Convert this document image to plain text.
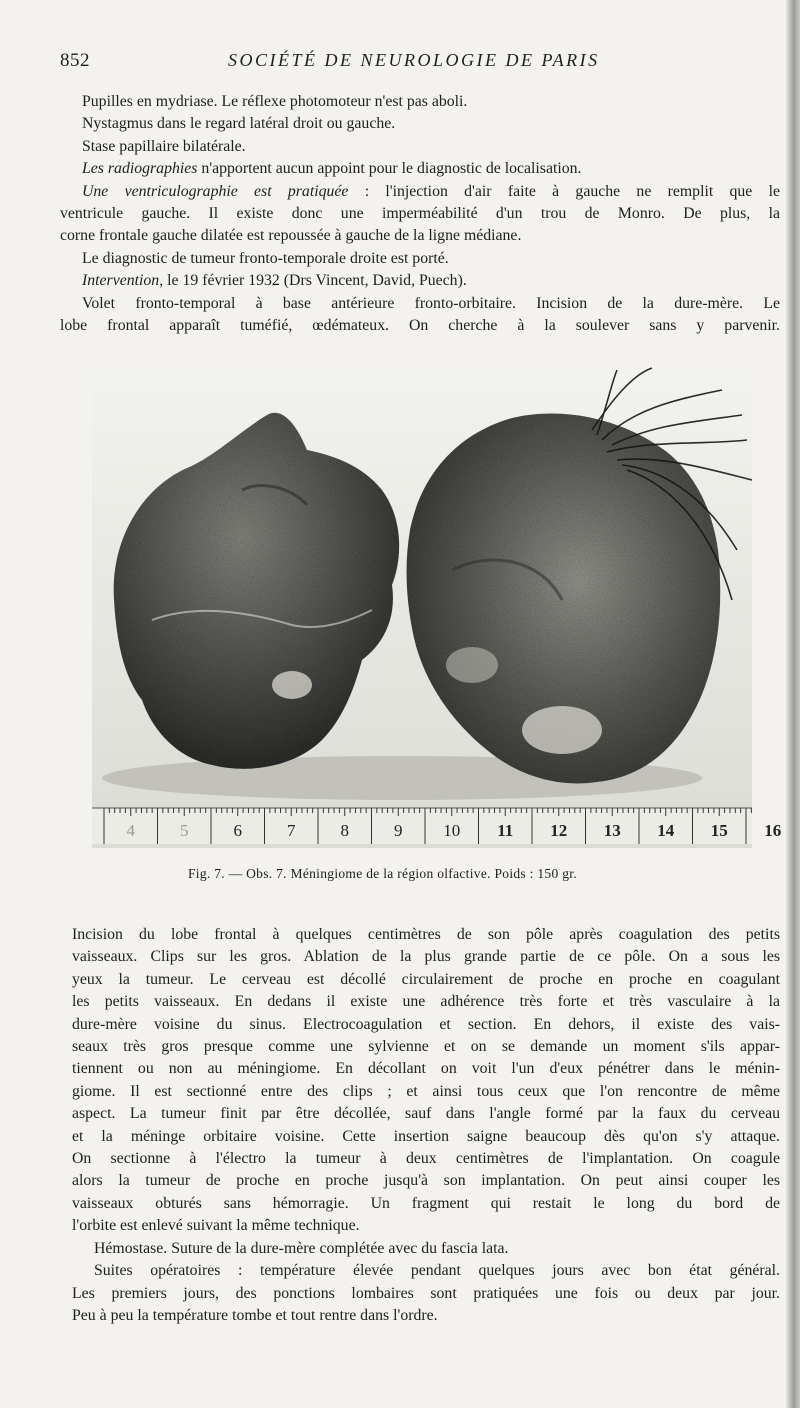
852	SOCIÉTÉ DE NEUROLOGIE DE PARIS

Pupilles en mydriase. Le réflexe photomoteur n'est pas aboli.

Nystagmus dans le regard latéral droit ou gauche.

Stase papillaire bilatérale.

Les radiographies n'apportent aucun appoint pour le diagnostic de localisation.

Une ventriculographie est pratiquée : l'injection d'air faite à gauche ne remplit que le

ventricule gauche. Il existe donc une imperméabilité d'un trou de Monro. De plus, la

corne frontale gauche dilatée est repoussée à gauche de la ligne médiane.

Le diagnostic de tumeur fronto-temporale droite est porté.

Intervention, le 19 février 1932 (Drs Vincent, David, Puech).

Volet fronto-temporal à base antérieure fronto-orbitaire. Incision de la dure-mère. Le

lobe frontal apparaît tuméfié, œdémateux. On cherche à la soulever sans y parvenir.

4	5	6	7	8	9 10 11 12 13 14 15 16
Fig. 7. — Obs. 7. Méningiome de la région olfactive. Poids : 150 gr.

Incision du lobe frontal à quelques centimètres de son pôle après coagulation des petits

vaisseaux. Clips sur les gros. Ablation de la plus grande partie de ce pôle. On a sous les

yeux la tumeur. Le cerveau est décollé circulairement de proche en proche en coagulant

les petits vaisseaux. En dedans il existe une adhérence très forte et très vasculaire à la

dure-mère voisine du sinus. Electrocoagulation et section. En dehors, il existe des vais-

seaux très gros presque comme une sylvienne et on se demande un moment s'ils appar-

tiennent ou non au méningiome. En décollant on voit l'un d'eux pénétrer dans le ménin-

giome. Il est sectionné entre des clips ; et ainsi tous ceux que l'on rencontre de même

aspect. La tumeur finit par être décollée, sauf dans l'angle formé par la faux du cerveau

et la méninge orbitaire voisine. Cette insertion saigne beaucoup dès qu'on s'y attaque.

On sectionne à l'électro la tumeur à deux centimètres de l'implantation. On coagule

alors la tumeur de proche en proche jusqu'à son implantation. On peut ainsi couper les

vaisseaux obturés sans hémorragie. Un fragment qui restait le long du bord de

l'orbite est enlevé suivant la même technique.

Hémostase. Suture de la dure-mère complétée avec du fascia lata.

Suites opératoires : température élevée pendant quelques jours avec bon état général.

Les premiers jours, des ponctions lombaires sont pratiquées une fois ou deux par jour.

Peu à peu la température tombe et tout rentre dans l'ordre.
